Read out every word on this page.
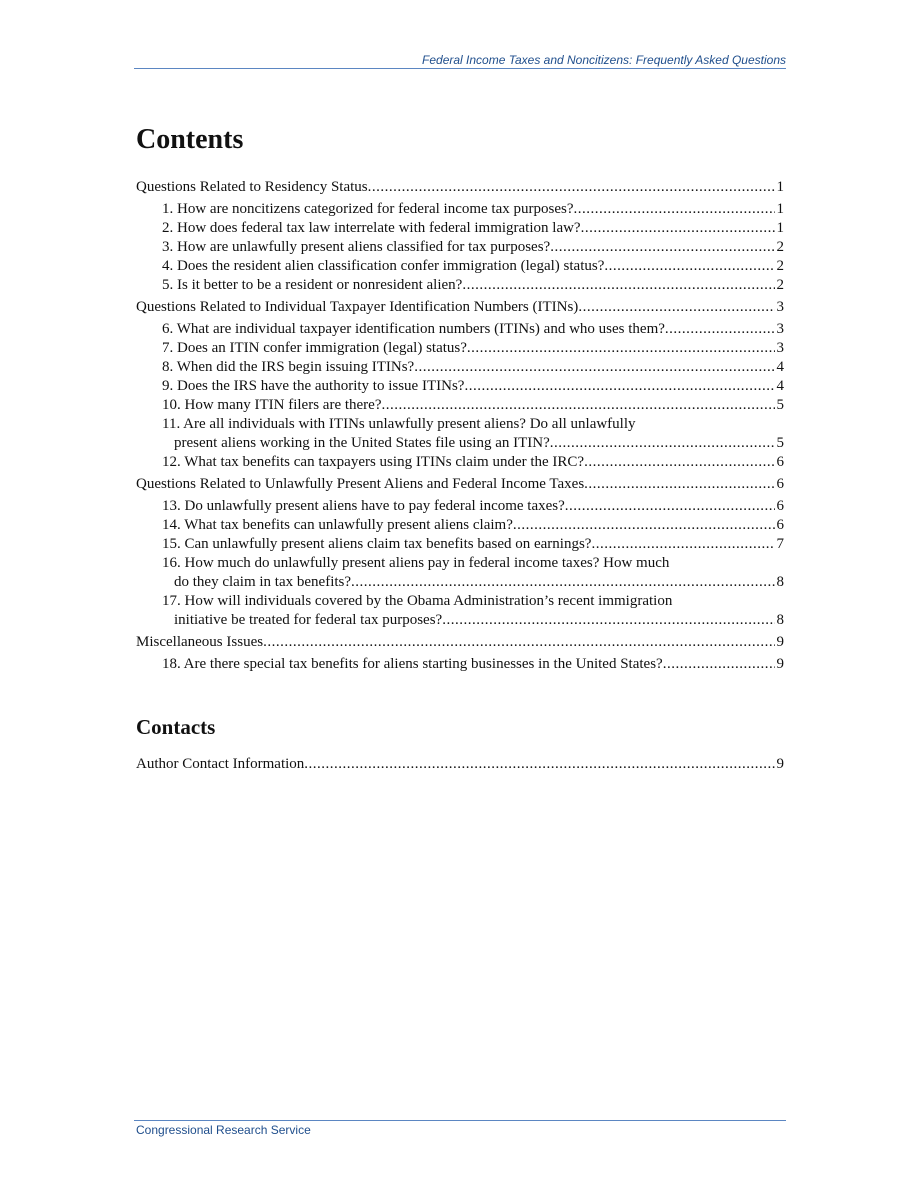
Federal Income Taxes and Noncitizens: Frequently Asked Questions
Contents
Questions Related to Residency Status .....	1
1. How are noncitizens categorized for federal income tax purposes? .....	1
2. How does federal tax law interrelate with federal immigration law? .....	1
3. How are unlawfully present aliens classified for tax purposes? .....	2
4. Does the resident alien classification confer immigration (legal) status? .....	2
5. Is it better to be a resident or nonresident alien? .....	2
Questions Related to Individual Taxpayer Identification Numbers (ITINs) .....	3
6. What are individual taxpayer identification numbers (ITINs) and who uses them? .....	3
7. Does an ITIN confer immigration (legal) status? .....	3
8. When did the IRS begin issuing ITINs? .....	4
9. Does the IRS have the authority to issue ITINs? .....	4
10. How many ITIN filers are there? .....	5
11. Are all individuals with ITINs unlawfully present aliens? Do all unlawfully
present aliens working in the United States file using an ITIN? .....	5
12. What tax benefits can taxpayers using ITINs claim under the IRC? .....	6
Questions Related to Unlawfully Present Aliens and Federal Income Taxes .....	6
13. Do unlawfully present aliens have to pay federal income taxes? .....	6
14. What tax benefits can unlawfully present aliens claim? .....	6
15. Can unlawfully present aliens claim tax benefits based on earnings? .....	7
16. How much do unlawfully present aliens pay in federal income taxes? How much
do they claim in tax benefits? .....	8
17. How will individuals covered by the Obama Administration’s recent immigration
initiative be treated for federal tax purposes? .....	8
Miscellaneous Issues .....	9
18. Are there special tax benefits for aliens starting businesses in the United States? .....	9
Contacts
Author Contact Information .....	9
Congressional Research Service
